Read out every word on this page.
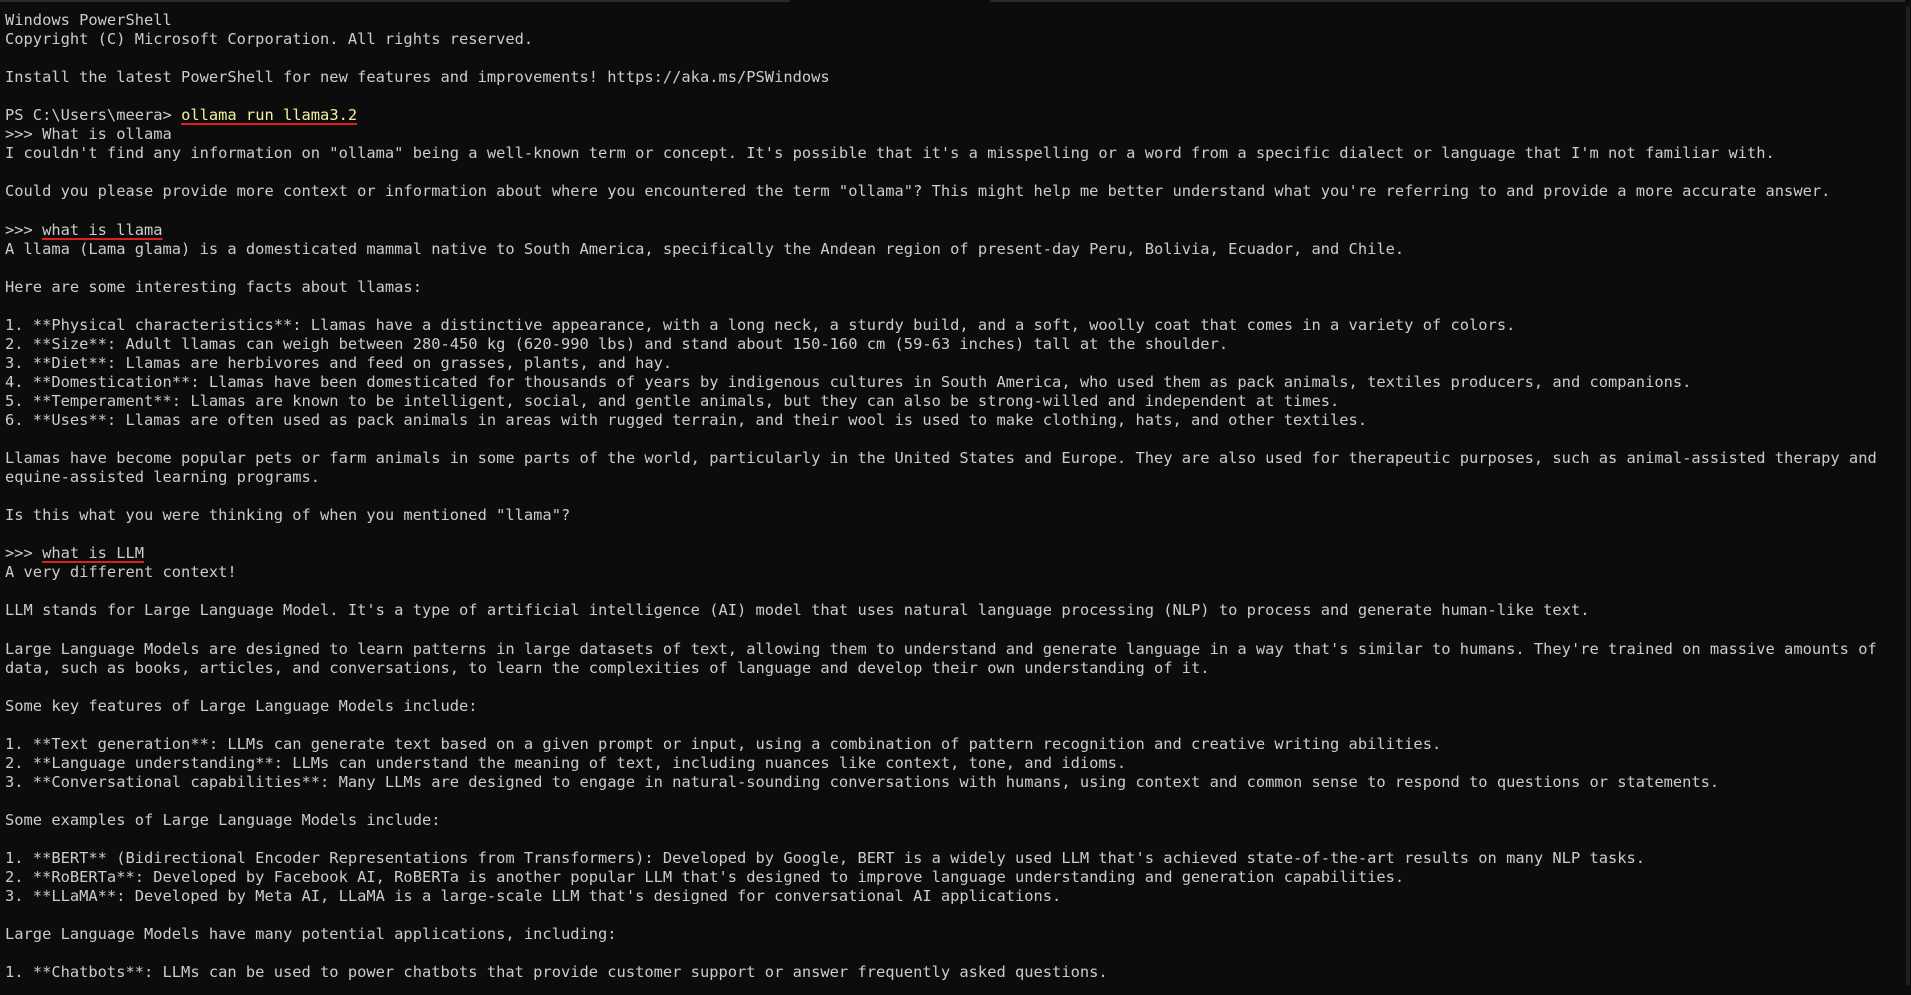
Windows PowerShell
Copyright (C) Microsoft Corporation. All rights reserved.
Install the latest PowerShell for new features and improvements! https://aka.ms/PSWindows
PS C:\Users\meera> ollama run llama3.2
>>> What is ollama
I couldn't find any information on "ollama" being a well-known term or concept. It's possible that it's a misspelling or a word from a specific dialect or language that I'm not familiar with.
Could you please provide more context or information about where you encountered the term "ollama"? This might help me better understand what you're referring to and provide a more accurate answer.
>>> what is llama
A llama (Lama glama) is a domesticated mammal native to South America, specifically the Andean region of present-day Peru, Bolivia, Ecuador, and Chile.
Here are some interesting facts about llamas:
1. **Physical characteristics**: Llamas have a distinctive appearance, with a long neck, a sturdy build, and a soft, woolly coat that comes in a variety of colors.
2. **Size**: Adult llamas can weigh between 280-450 kg (620-990 lbs) and stand about 150-160 cm (59-63 inches) tall at the shoulder.
3. **Diet**: Llamas are herbivores and feed on grasses, plants, and hay.
4. **Domestication**: Llamas have been domesticated for thousands of years by indigenous cultures in South America, who used them as pack animals, textiles producers, and companions.
5. **Temperament**: Llamas are known to be intelligent, social, and gentle animals, but they can also be strong-willed and independent at times.
6. **Uses**: Llamas are often used as pack animals in areas with rugged terrain, and their wool is used to make clothing, hats, and other textiles.
Llamas have become popular pets or farm animals in some parts of the world, particularly in the United States and Europe. They are also used for therapeutic purposes, such as animal-assisted therapy and
equine-assisted learning programs.
Is this what you were thinking of when you mentioned "llama"?
>>> what is LLM
A very different context!
LLM stands for Large Language Model. It's a type of artificial intelligence (AI) model that uses natural language processing (NLP) to process and generate human-like text.
Large Language Models are designed to learn patterns in large datasets of text, allowing them to understand and generate language in a way that's similar to humans. They're trained on massive amounts of
data, such as books, articles, and conversations, to learn the complexities of language and develop their own understanding of it.
Some key features of Large Language Models include:
1. **Text generation**: LLMs can generate text based on a given prompt or input, using a combination of pattern recognition and creative writing abilities.
2. **Language understanding**: LLMs can understand the meaning of text, including nuances like context, tone, and idioms.
3. **Conversational capabilities**: Many LLMs are designed to engage in natural-sounding conversations with humans, using context and common sense to respond to questions or statements.
Some examples of Large Language Models include:
1. **BERT** (Bidirectional Encoder Representations from Transformers): Developed by Google, BERT is a widely used LLM that's achieved state-of-the-art results on many NLP tasks.
2. **RoBERTa**: Developed by Facebook AI, RoBERTa is another popular LLM that's designed to improve language understanding and generation capabilities.
3. **LLaMA**: Developed by Meta AI, LLaMA is a large-scale LLM that's designed for conversational AI applications.
Large Language Models have many potential applications, including:
1. **Chatbots**: LLMs can be used to power chatbots that provide customer support or answer frequently asked questions.
